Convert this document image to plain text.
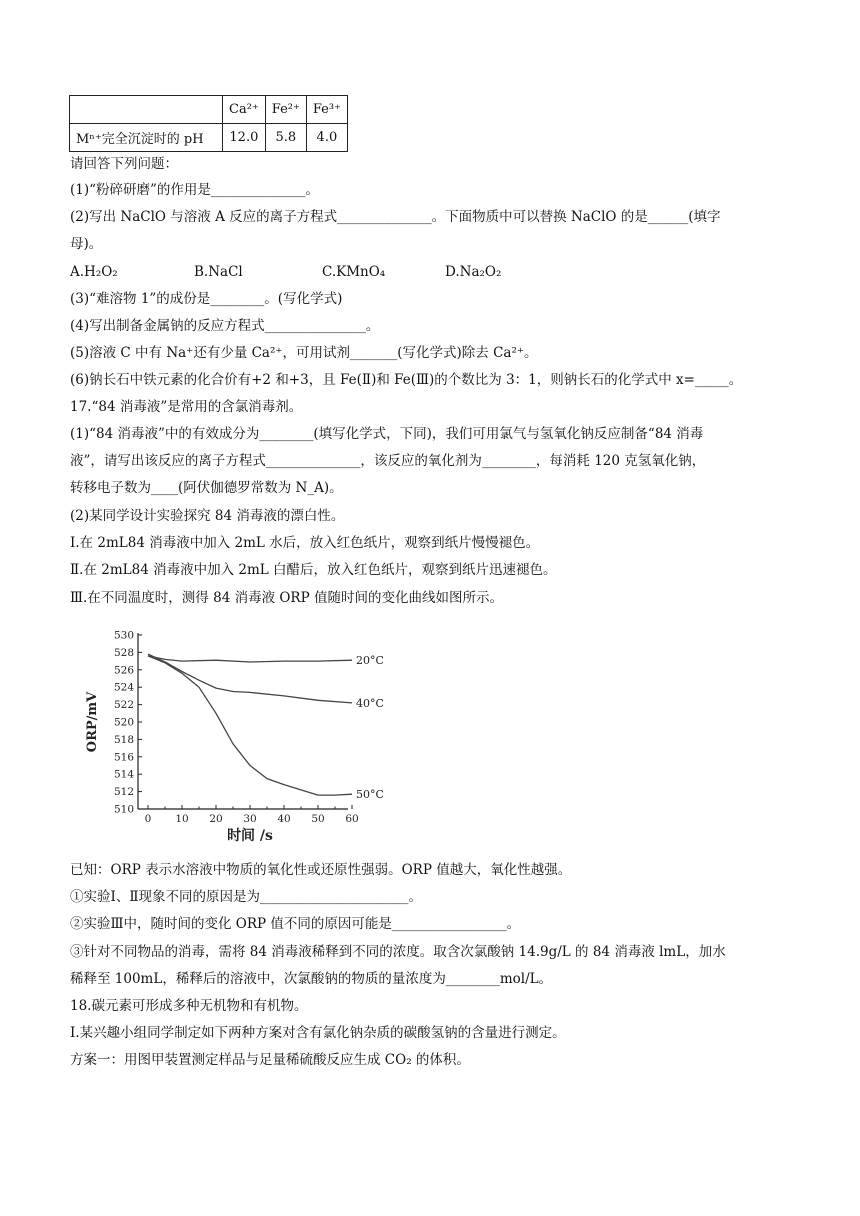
	Ca²⁺	Fe²⁺	Fe³⁺
Mⁿ⁺完全沉淀时的 pH	12.0	5.8	4.0
请回答下列问题：
(1)“粉碎研磨”的作用是______________。
(2)写出 NaClO 与溶液 A 反应的离子方程式______________。下面物质中可以替换 NaClO 的是______(填字
母)。
A.H₂O₂	B.NaCl	C.KMnO₄	D.Na₂O₂
(3)“难溶物 1”的成份是________。(写化学式)
(4)写出制备金属钠的反应方程式_______________。
(5)溶液 C 中有 Na⁺还有少量 Ca²⁺，可用试剂_______(写化学式)除去 Ca²⁺。
(6)钠长石中铁元素的化合价有+2 和+3，且 Fe(Ⅱ)和 Fe(Ⅲ)的个数比为 3：1，则钠长石的化学式中 x=_____。
17.“84 消毒液”是常用的含氯消毒剂。
(1)“84 消毒液”中的有效成分为________(填写化学式，下同)，我们可用氯气与氢氧化钠反应制备“84 消毒
液”，请写出该反应的离子方程式______________，该反应的氧化剂为________，每消耗 120 克氢氧化钠，
转移电子数为____(阿伏伽德罗常数为 N_A)。
(2)某同学设计实验探究 84 消毒液的漂白性。
Ⅰ.在 2mL84 消毒液中加入 2mL 水后，放入红色纸片，观察到纸片慢慢褪色。
Ⅱ.在 2mL84 消毒液中加入 2mL 白醋后，放入红色纸片，观察到纸片迅速褪色。
Ⅲ.在不同温度时，测得 84 消毒液 ORP 值随时间的变化曲线如图所示。
510
512
514
516
518
520
522
524
526
528
530
0 10 20 30 40 50 60
时间 /s
ORP/mV
20°C
40°C
50°C
已知：ORP 表示水溶液中物质的氧化性或还原性强弱。ORP 值越大，氧化性越强。
①实验Ⅰ、Ⅱ现象不同的原因是为______________________。
②实验Ⅲ中，随时间的变化 ORP 值不同的原因可能是_________________。
③针对不同物品的消毒，需将 84 消毒液稀释到不同的浓度。取含次氯酸钠 14.9g/L 的 84 消毒液 lmL，加水
稀释至 100mL，稀释后的溶液中，次氯酸钠的物质的量浓度为________mol/L。
18.碳元素可形成多种无机物和有机物。
Ⅰ.某兴趣小组同学制定如下两种方案对含有氯化钠杂质的碳酸氢钠的含量进行测定。
方案一：用图甲装置测定样品与足量稀硫酸反应生成 CO₂ 的体积。
